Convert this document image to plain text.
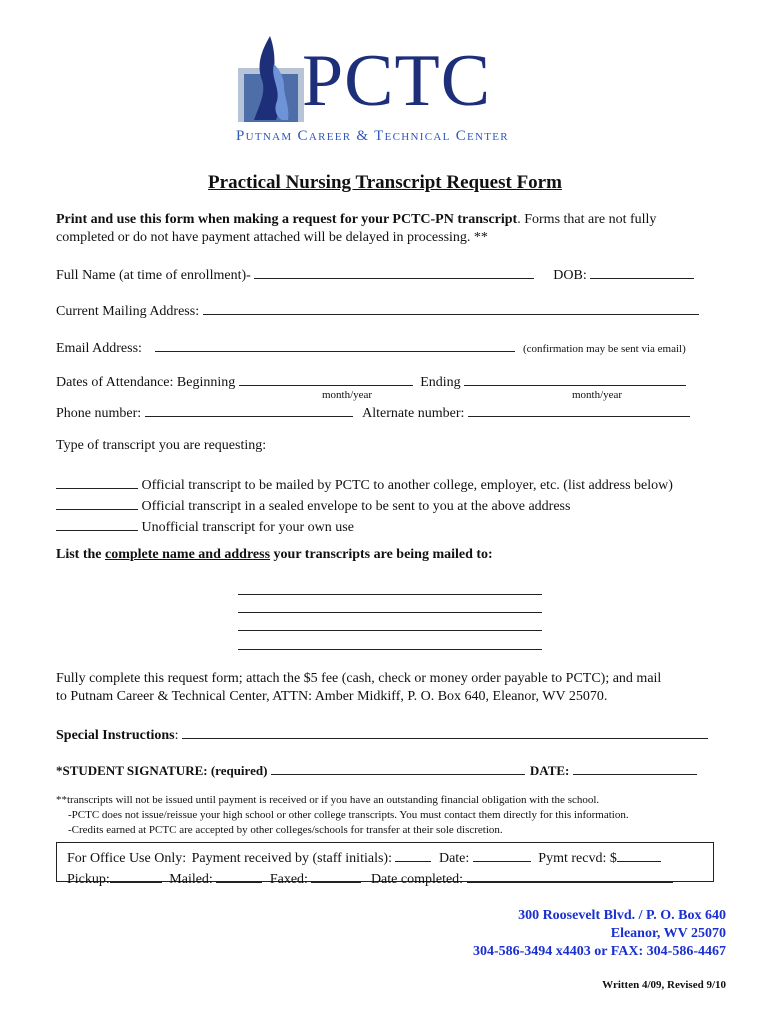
PCTC
Putnam Career & Technical Center
Practical Nursing Transcript Request Form
Print and use this form when making a request for your PCTC-PN transcript. Forms that are not fully
completed or do not have payment attached will be delayed in processing. **
Full Name (at time of enrollment)-	DOB:
Current Mailing Address:
Email Address:	(confirmation may be sent via email)
Dates of Attendance: Beginning	Ending
month/year	month/year
Phone number:	Alternate number:
Type of transcript you are requesting:
Official transcript to be mailed by PCTC to another college, employer, etc. (list address below)
Official transcript in a sealed envelope to be sent to you at the above address
Unofficial transcript for your own use
List the complete name and address your transcripts are being mailed to:
Fully complete this request form; attach the $5 fee (cash, check or money order payable to PCTC); and mail
to Putnam Career & Technical Center, ATTN: Amber Midkiff, P. O. Box 640, Eleanor, WV 25070.
Special Instructions:
*STUDENT SIGNATURE: (required)	DATE:
**transcripts will not be issued until payment is received or if you have an outstanding financial obligation with the school.
-PCTC does not issue/reissue your high school or other college transcripts. You must contact them directly for this information.
-Credits earned at PCTC are accepted by other colleges/schools for transfer at their sole discretion.
For Office Use Only: Payment received by (staff initials):	Date:	Pymt recvd: $
Pickup:	Mailed:	Faxed:	Date completed:
300 Roosevelt Blvd. / P. O. Box 640
Eleanor, WV 25070
304-586-3494 x4403 or FAX: 304-586-4467
Written 4/09, Revised 9/10
